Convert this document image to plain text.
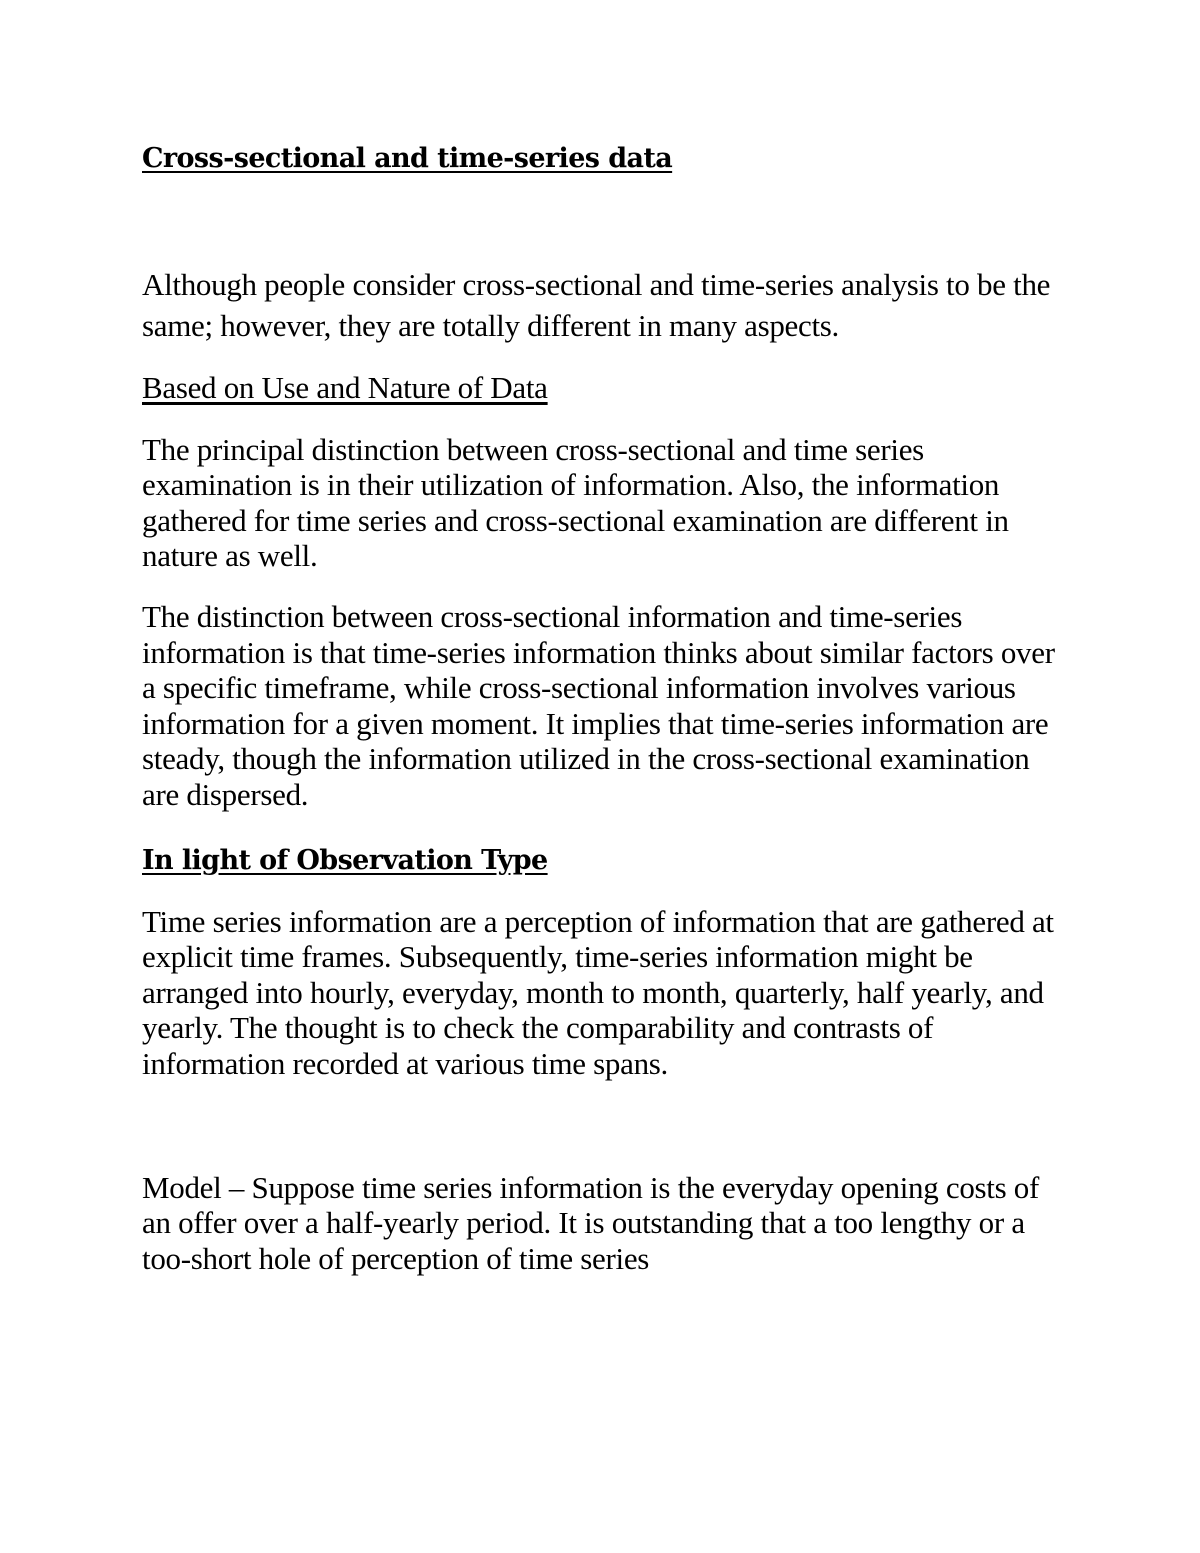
Cross-sectional and time-series data

Although people consider cross-sectional and time-series analysis to be the same; however, they are totally different in many aspects.

Based on Use and Nature of Data

The principal distinction between cross-sectional and time series examination is in their utilization of information. Also, the information gathered for time series and cross-sectional examination are different in nature as well.

The distinction between cross-sectional information and time-series information is that time-series information thinks about similar factors over a specific timeframe, while cross-sectional information involves various information for a given moment. It implies that time-series information are steady, though the information utilized in the cross-sectional examination are dispersed.

In light of Observation Type

Time series information are a perception of information that are gathered at explicit time frames. Subsequently, time-series information might be arranged into hourly, everyday, month to month, quarterly, half yearly, and yearly. The thought is to check the comparability and contrasts of information recorded at various time spans.

Model – Suppose time series information is the everyday opening costs of an offer over a half-yearly period. It is outstanding that a too lengthy or a too-short hole of perception of time series
